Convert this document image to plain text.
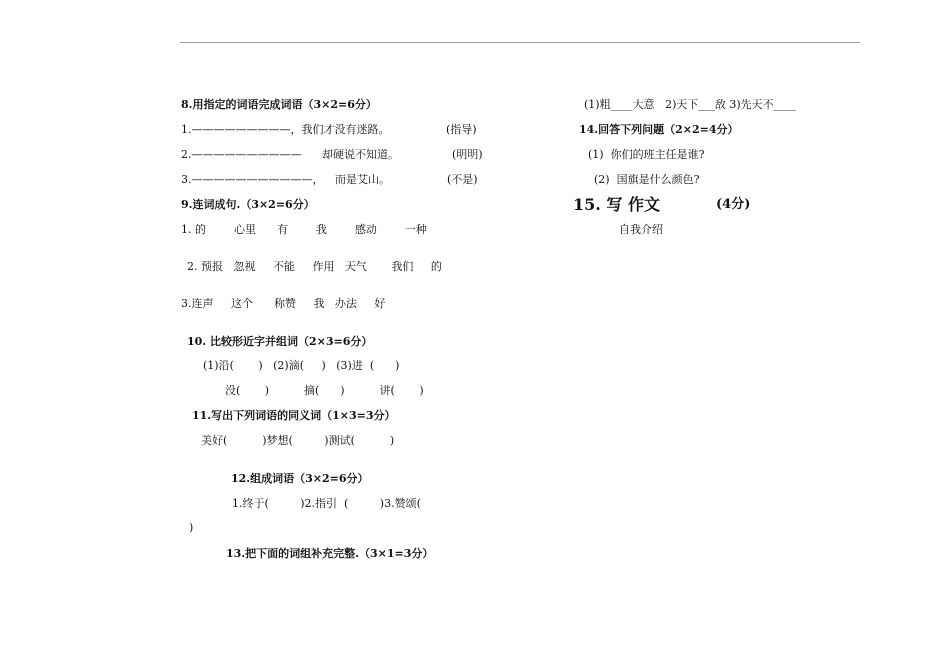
8.用指定的词语完成词语（3×2=6分）
1.—————————，我们才没有迷路。	(指导)
2.—————————— 却硬说不知道。	(明明)
3.———————————， 而是艾山。	(不是)
9.连词成句.（3×2=6分）
1. 的        心里      有        我        感动        一种
2. 预报   忽视     不能     作用   天气       我们     的
3.连声     这个      称赞     我   办法     好
10. 比较形近字并组词（2×3=6分）
(1)沿(       )   (2)滴(     )   (3)进  (      )
没(       )          摘(      )          讲(       )
11.写出下列词语的同义词（1×3=3分）
美好(          )梦想(         )测试(          )
12.组成词语（3×2=6分）
1.终于(         )2.指引  (         )3.赞颂(
)
13.把下面的词组补充完整.（3×1=3分）
(1)粗____大意   2)天下___敌 3)先天不____
14.回答下列问题（2×2=4分）
(1)  你们的班主任是谁?
(2)  国旗是什么颜色?
15. 写 作文	(4分)
自我介绍
